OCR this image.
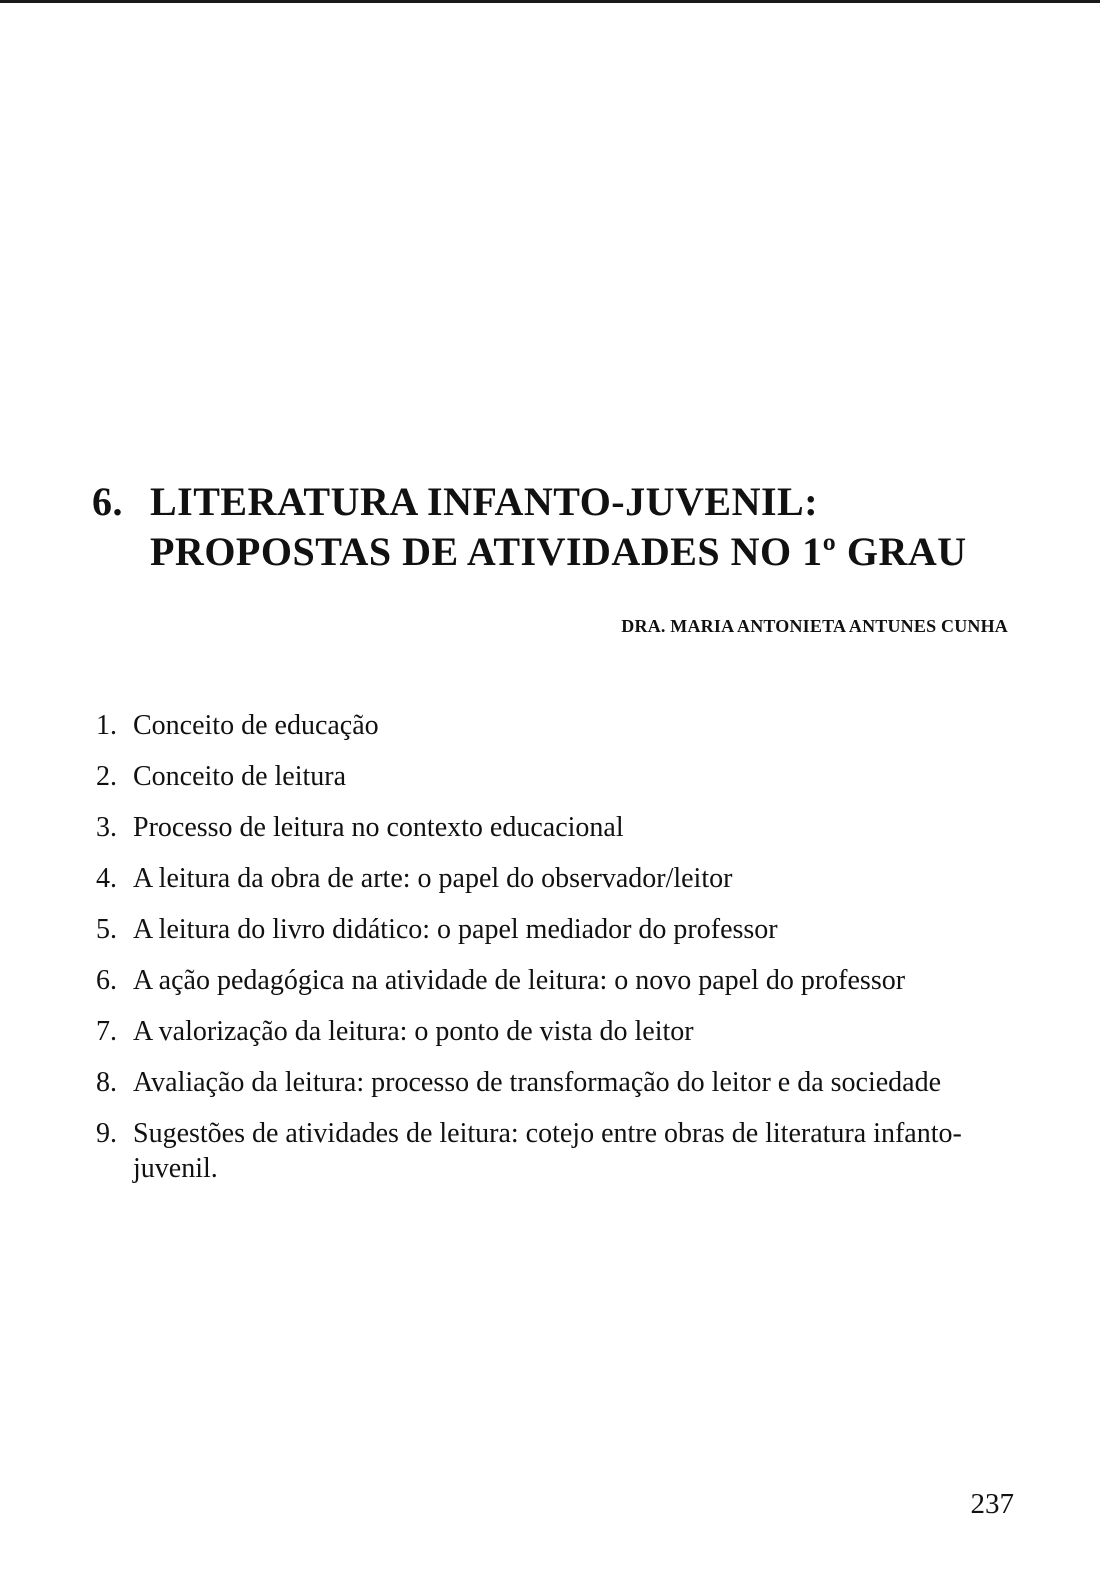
6. LITERATURA INFANTO-JUVENIL:
PROPOSTAS DE ATIVIDADES NO 1º GRAU
DRA. MARIA ANTONIETA ANTUNES CUNHA
1. Conceito de educação
2. Conceito de leitura
3. Processo de leitura no contexto educacional
4. A leitura da obra de arte: o papel do observador/leitor
5. A leitura do livro didático: o papel mediador do professor
6. A ação pedagógica na atividade de leitura: o novo papel do professor
7. A valorização da leitura: o ponto de vista do leitor
8. Avaliação da leitura: processo de transformação do leitor e da sociedade
9. Sugestões de atividades de leitura: cotejo entre obras de literatura infanto-juvenil.
237
